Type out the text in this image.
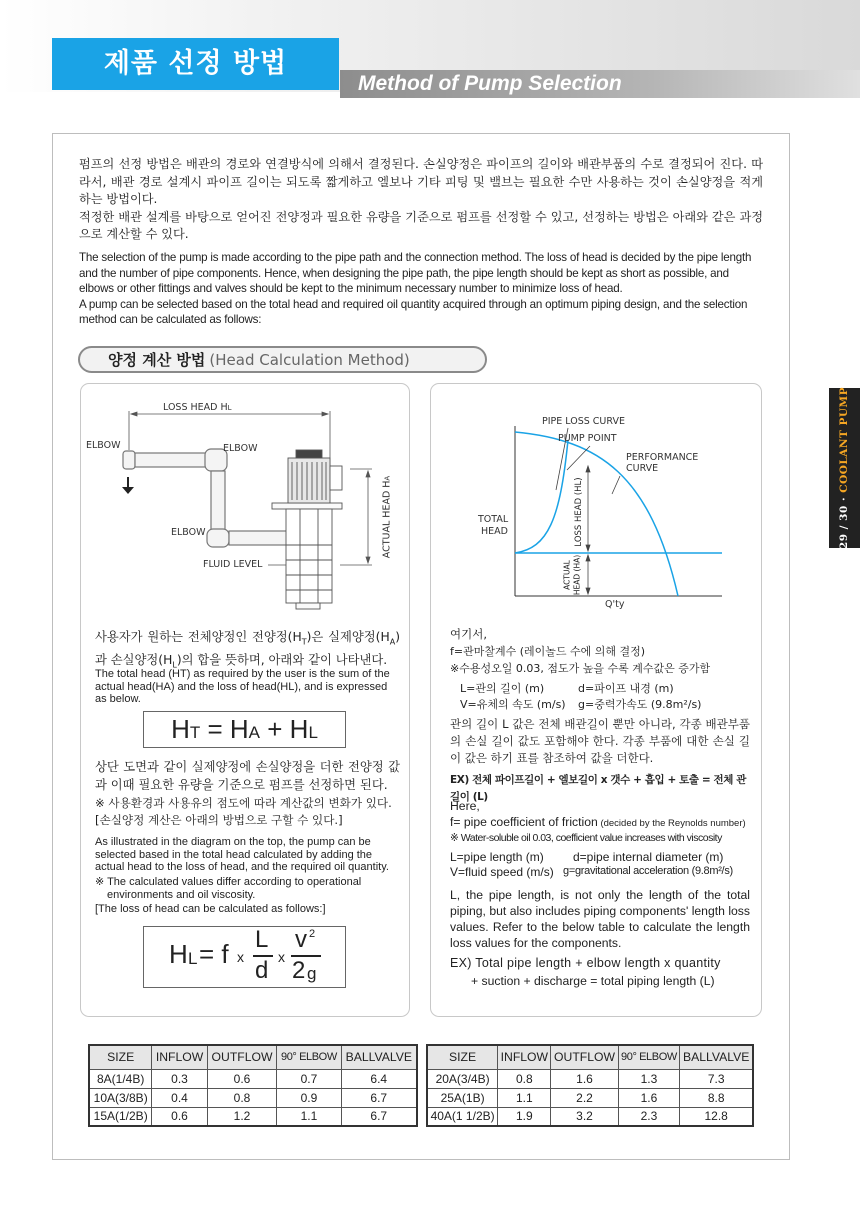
제품 선정 방법
Method of Pump Selection
29 / 30 · COOLANT PUMP

펌프의 선정 방법은 배관의 경로와 연결방식에 의해서 결정된다. 손실양정은 파이프의 길이와 배관부품의 수로 결정되어 진다. 따라서, 배관 경로 설계시 파이프 길이는 되도록 짧게하고 엘보나 기타 피팅 및 밸브는 필요한 수만 사용하는 것이 손실양정을 적게하는 방법이다.

적정한 배관 설계를 바탕으로 얻어진 전양정과 필요한 유량을 기준으로 펌프를 선정할 수 있고, 선정하는 방법은 아래와 같은 과정으로 계산할 수 있다.

The selection of the pump is made according to the pipe path and the connection method. The loss of head is decided by the pipe length and the number of pipe components. Hence, when designing the pipe path, the pipe length should be kept as short as possible, and elbows or other fittings and valves should be kept to the minimum necessary number to minimize loss of head.

A pump can be selected based on the total head and required oil quantity acquired through an optimum piping design, and the selection method can be calculated as follows:

양정 계산 방법 (Head Calculation Method)
LOSS HEAD HL
ELBOW	ELBOW
ELBOW
FLUID LEVEL
ACTUAL HEAD HA
사용자가 원하는 전체양정인 전양정$(H_T)$은 실제양정$(H_A)$과 손실양정$(H_L)$의 합을 뜻하며, 아래와 같이 나타낸다.
The total head (HT) as required by the user is the sum of the actual head(HA) and the loss of head(HL), and is expressed as below.
HT = HA + HL
상단 도면과 같이 실제양정에 손실양정을 더한 전양정 값과 이때 필요한 유량을 기준으로 펌프를 선정하면 된다.
※ 사용환경과 사용유의 점도에 따라 계산값의 변화가 있다.
[손실양정 계산은 아래의 방법으로 구할 수 있다.]
As illustrated in the diagram on the top, the pump can be selected based in the total head calculated by adding the actual head to the loss of head, and the required oil quantity.
※ The calculated values differ according to operational environments and oil viscosity.
[The loss of head can be calculated as follows:]
H L = f x
L
d x
v 2
2 g
PIPE LOSS CURVE
PUMP POINT
PERFORMANCE
CURVE
TOTAL
HEAD	LOSS HEAD (HL)
ACTUAL HEAD (HA)
Q'ty
여기서,
f=관마찰계수 (레이놀드 수에 의해 결정)
※수용성오일 0.03, 점도가 높을 수록 계수값은 증가함
L=관의 길이 (m)	d=파이프 내경 (m)
V=유체의 속도 (m/s) g=중력가속도 (9.8m²/s)
관의 길이 L 값은 전체 배관길이 뿐만 아니라, 각종 배관부품의 손실 길이 값도 포함해야 한다. 각종 부품에 대한 손실 길이 값은 하기 표를 참조하여 값을 더한다.
EX) 전체 파이프길이 + 엘보길이 x 갯수 + 흡입 + 토출 = 전체 관길이 (L)
Here,
f= pipe coefficient of friction (decided by the Reynolds number)
※ Water-soluble oil 0.03, coefficient value increases with viscosity
L=pipe length (m) d=pipe internal diameter (m)
V=fluid speed (m/s) g=gravitational acceleration (9.8m²/s)
L, the pipe length, is not only the length of the total piping, but also includes piping components' length loss values. Refer to the below table to calculate the length loss values for the components.
EX) Total pipe length + elbow length x quantity
+ suction + discharge = total piping length (L)
SIZE	INFLOW	OUTFLOW	90° ELBOW	BALLVALVE
8A(1/4B)	0.3	0.6	0.7	6.4
10A(3/8B)	0.4	0.8	0.9	6.7
15A(1/2B)	0.6	1.2	1.1	6.7
SIZE	INFLOW	OUTFLOW	90° ELBOW	BALLVALVE
20A(3/4B)	0.8	1.6	1.3	7.3
25A(1B)	1.1	2.2	1.6	8.8
40A(1 1/2B)	1.9	3.2	2.3	12.8
